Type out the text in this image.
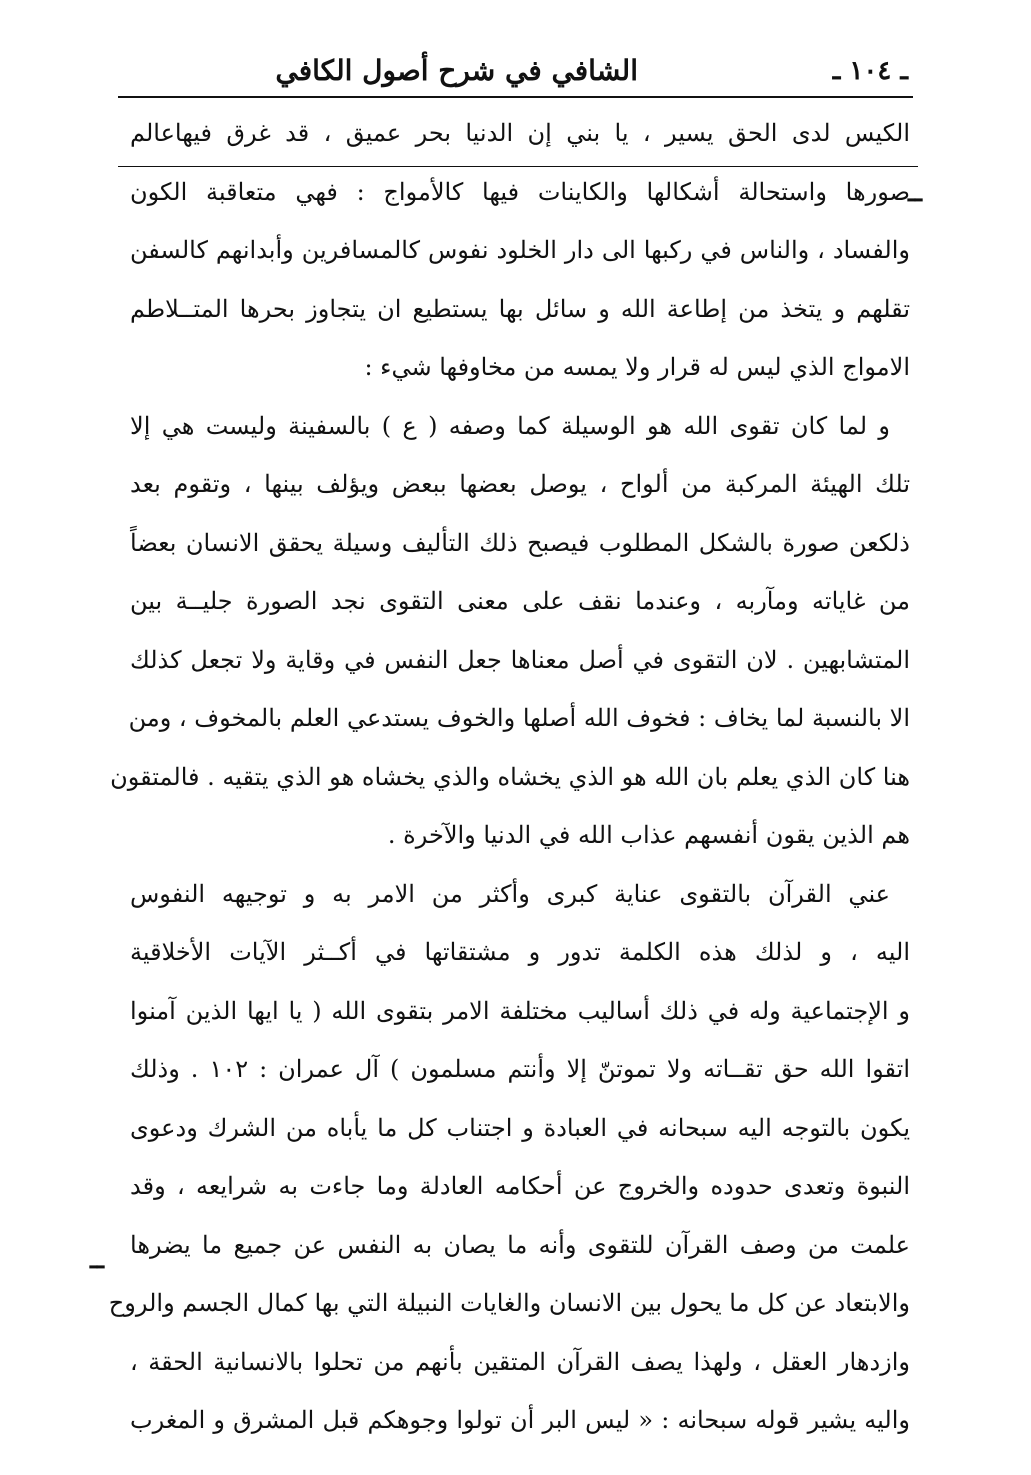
ـ ١٠٤ ـ
الشافي في شرح أصول الكافي
ــ
ــ
الكيس لدى الحق يسير ، يا بني إن الدنيا بحر عميق ، قد غرق فيهاعالم
صورها واستحالة أشكالها والكاينات فيها كالأمواج : فهي متعاقبة الكون
والفساد ، والناس في ركبها الى دار الخلود نفوس كالمسافرين وأبدانهم كالسفن
تقلهم و يتخذ من إطاعة الله و سائل بها يستطيع ان يتجاوز بحرها المتــلاطم
الامواج الذي ليس له قرار ولا يمسه من مخاوفها شيء :
و لما كان تقوى الله هو الوسيلة كما وصفه ( ع ) بالسفينة وليست هي إلا
تلك الهيئة المركبة من ألواح ، يوصل بعضها ببعض ويؤلف بينها ، وتقوم بعد
ذلكعن صورة بالشكل المطلوب فيصبح ذلك التأليف وسيلة يحقق الانسان بعضاً
من غاياته ومآربه ، وعندما نقف على معنى التقوى نجد الصورة جليــة بين
المتشابهين . لان التقوى في أصل معناها جعل النفس في وقاية ولا تجعل كذلك
الا بالنسبة لما يخاف : فخوف الله أصلها والخوف يستدعي العلم بالمخوف ، ومن
هنا كان الذي يعلم بان الله هو الذي يخشاه والذي يخشاه هو الذي يتقيه . فالمتقون
هم الذين يقون أنفسهم عذاب الله في الدنيا والآخرة .
عني القرآن بالتقوى عناية كبرى وأكثر من الامر به و توجيهه النفوس
اليه ، و لذلك هذه الكلمة تدور و مشتقاتها في أكــثر الآيات الأخلاقية
و الإجتماعية وله في ذلك أساليب مختلفة الامر بتقوى الله ( يا ايها الذين آمنوا
اتقوا الله حق تقــاته ولا تموتنّ إلا وأنتم مسلمون ) آل عمران : ١٠٢ . وذلك
يكون بالتوجه اليه سبحانه في العبادة و اجتناب كل ما يأباه من الشرك ودعوى
النبوة وتعدى حدوده والخروج عن أحكامه العادلة وما جاءت به شرايعه ، وقد
علمت من وصف القرآن للتقوى وأنه ما يصان به النفس عن جميع ما يضرها
والابتعاد عن كل ما يحول بين الانسان والغايات النبيلة التي بها كمال الجسم والروح
وازدهار العقل ، ولهذا يصف القرآن المتقين بأنهم من تحلوا بالانسانية الحقة ،
واليه يشير قوله سبحانه : « ليس البر أن تولوا وجوهكم قبل المشرق و المغرب
